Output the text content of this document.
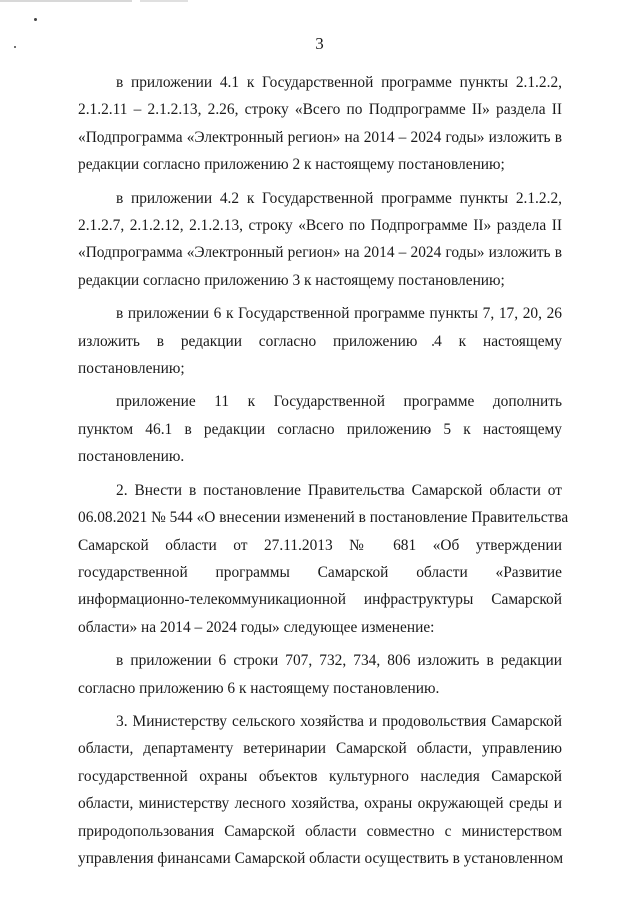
3
в приложении 4.1 к Государственной программе пункты 2.1.2.2,
2.1.2.11 – 2.1.2.13, 2.26, строку «Всего по Подпрограмме II» раздела II
«Подпрограмма «Электронный регион» на 2014 – 2024 годы» изложить в
редакции согласно приложению 2 к настоящему постановлению;
в приложении 4.2 к Государственной программе пункты 2.1.2.2,
2.1.2.7, 2.1.2.12, 2.1.2.13, строку «Всего по Подпрограмме II» раздела II
«Подпрограмма «Электронный регион» на 2014 – 2024 годы» изложить в
редакции согласно приложению 3 к настоящему постановлению;
в приложении 6 к Государственной программе пункты 7, 17, 20, 26
изложить в редакции согласно приложению 4 к настоящему
постановлению;
приложение 11 к Государственной программе дополнить
пунктом 46.1 в редакции согласно приложению 5 к настоящему
постановлению.
2. Внести в постановление Правительства Самарской области от
06.08.2021 № 544 «О внесении изменений в постановление Правительства
Самарской области от 27.11.2013 № 681 «Об утверждении
государственной программы Самарской области «Развитие
информационно-телекоммуникационной инфраструктуры Самарской
области» на 2014 – 2024 годы» следующее изменение:
в приложении 6 строки 707, 732, 734, 806 изложить в редакции
согласно приложению 6 к настоящему постановлению.
3. Министерству сельского хозяйства и продовольствия Самарской
области, департаменту ветеринарии Самарской области, управлению
государственной охраны объектов культурного наследия Самарской
области, министерству лесного хозяйства, охраны окружающей среды и
природопользования Самарской области совместно с министерством
управления финансами Самарской области осуществить в установленном
